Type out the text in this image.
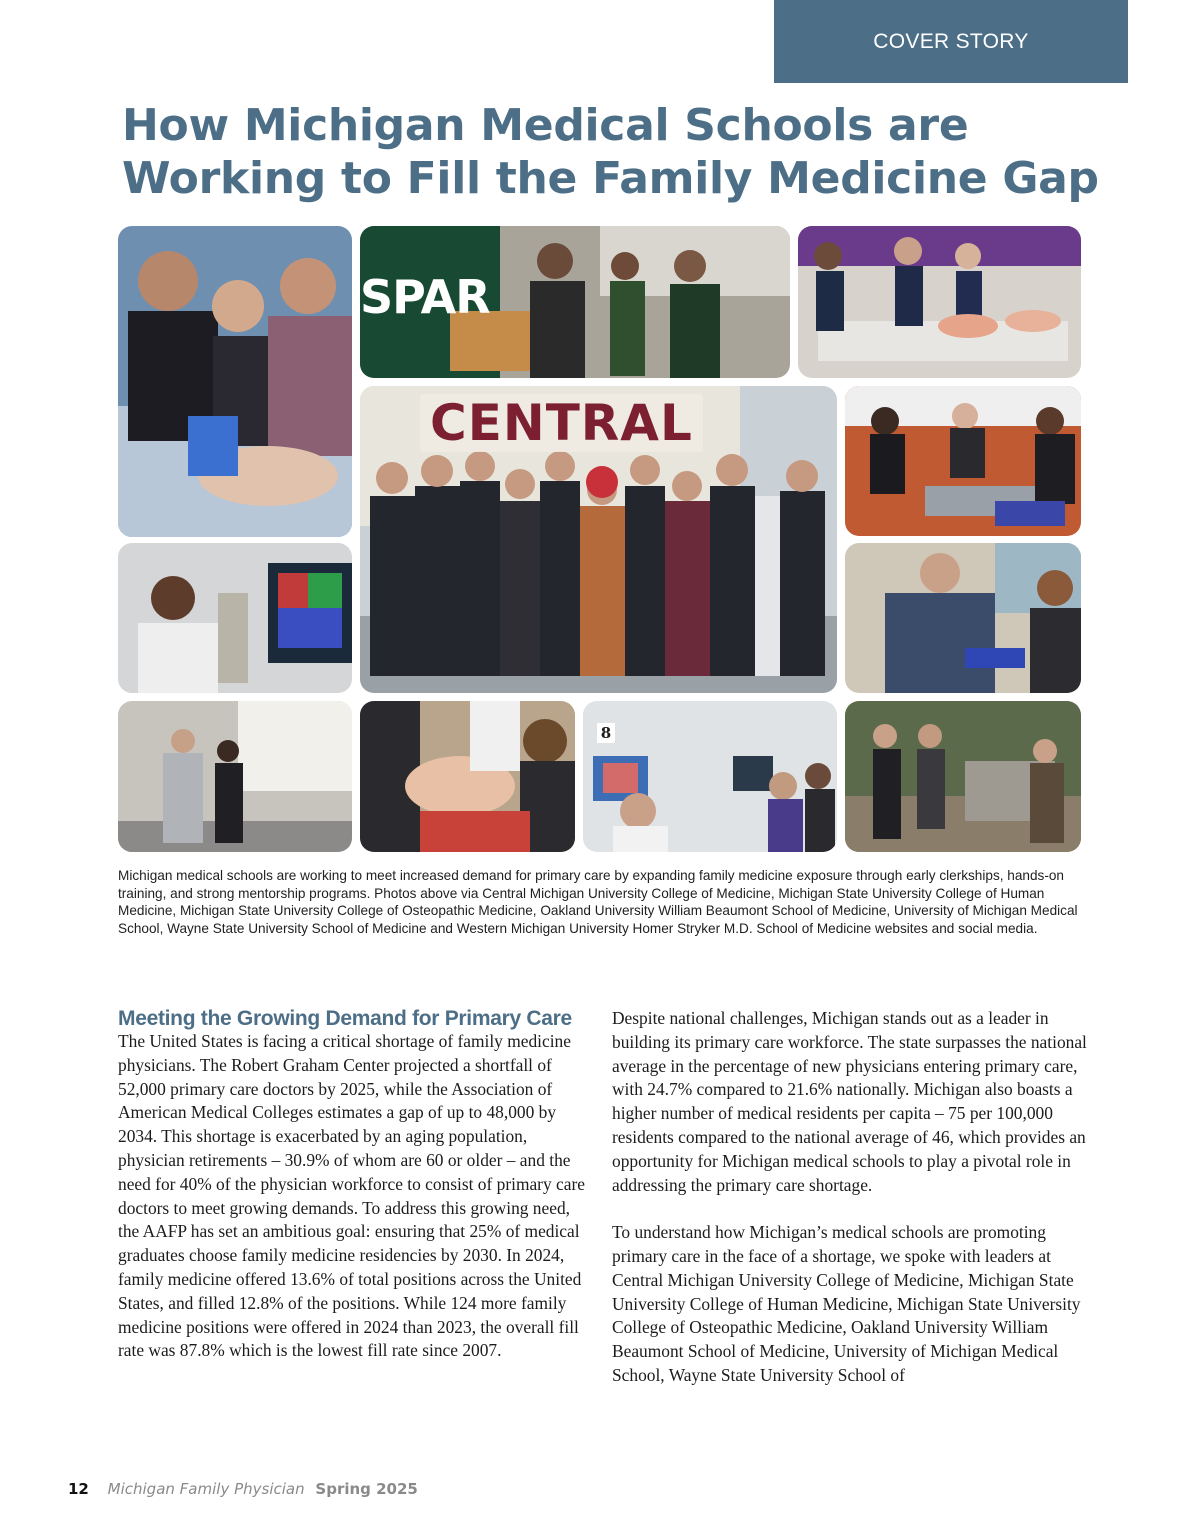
COVER STORY
How Michigan Medical Schools are Working to Fill the Family Medicine Gap
SPAR
CENTRAL
8

Michigan medical schools are working to meet increased demand for primary care by expanding family medicine exposure through early clerkships, hands-on training, and strong mentorship programs. Photos above via Central Michigan University College of Medicine, Michigan State University College of Human Medicine, Michigan State University College of Osteopathic Medicine, Oakland University William Beaumont School of Medicine, University of Michigan Medical School, Wayne State University School of Medicine and Western Michigan University Homer Stryker M.D. School of Medicine websites and social media.

Meeting the Growing Demand for Primary Care

The United States is facing a critical shortage of family medicine physicians. The Robert Graham Center projected a shortfall of 52,000 primary care doctors by 2025, while the Association of American Medical Colleges estimates a gap of up to 48,000 by 2034. This shortage is exacerbated by an aging population, physician retirements – 30.9% of whom are 60 or older – and the need for 40% of the physician workforce to consist of primary care doctors to meet growing demands. To address this growing need, the AAFP has set an ambitious goal: ensuring that 25% of medical graduates choose family medicine residencies by 2030. In 2024, family medicine offered 13.6% of total positions across the United States, and filled 12.8% of the positions. While 124 more family medicine positions were offered in 2024 than 2023, the overall fill rate was 87.8% which is the lowest fill rate since 2007.

Despite national challenges, Michigan stands out as a leader in building its primary care workforce. The state surpasses the national average in the percentage of new physicians entering primary care, with 24.7% compared to 21.6% nationally. Michigan also boasts a higher number of medical residents per capita – 75 per 100,000 residents compared to the national average of 46, which provides an opportunity for Michigan medical schools to play a pivotal role in addressing the primary care shortage.

To understand how Michigan’s medical schools are promoting primary care in the face of a shortage, we spoke with leaders at Central Michigan University College of Medicine, Michigan State University College of Human Medicine, Michigan State University College of Osteopathic Medicine, Oakland University William Beaumont School of Medicine, University of Michigan Medical School, Wayne State University School of

12 Michigan Family Physician Spring 2025
